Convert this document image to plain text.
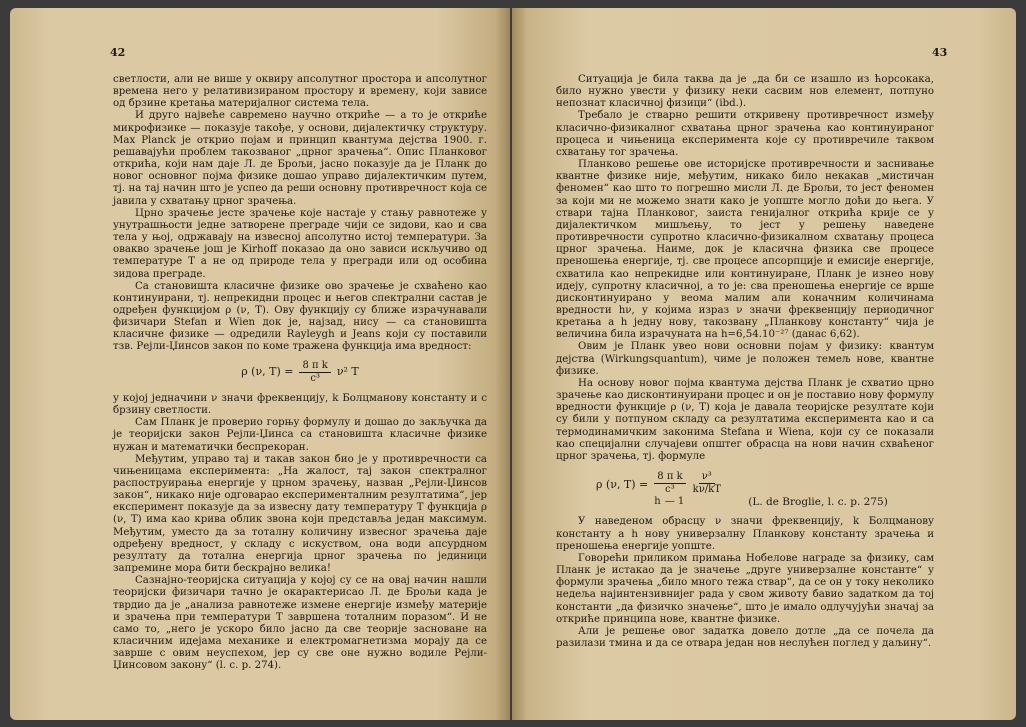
42

светлости, али не више у оквиру апсолутног простора и апсолутног времена него у релативизираном простору и времену, који зависе од брзине кретања материјалног система тела.

И друго највеће савремено научно откриће — а то је откриће микрофизике — показује такође, у основи, дијалектичку структуру. Max Planck је открио појам и принцип квантума дејства 1900. г. решавајући проблем такозваног „црног зрачења“. Опис Планковог открића, који нам даје Л. де Брољи, јасно показује да је Планк до новог основног појма физике дошао управо дијалектичким путем, тј. на тај начин што је успео да реши основну противречност која се јавила у схватању црног зрачења.

Црно зрачење јесте зрачење које настаје у стању равнотеже у унутрашњости једне затворене преграде чији се зидови, као и сва тела у њој, одржавају на извесној апсолутно истој температури. За овакво зрачење још је Kirhoff показао да оно зависи искључиво од температуре Т а не од природе тела у прегради или од особина зидова преграде.

Са становишта класичне физике ово зрачење је схваћено као континуирани, тј. непрекидни процес и његов спектрални састав је одређен функцијом ρ (ν, T). Ову функцију су ближе израчунавали физичари Stefan и Wien док је, најзад, нису — са становишта класичне физике — одредили Rayleygh и Jeans који су поставили тзв. Рејли-Џинсов закон по коме тражена функција има вредност:

ρ (ν, $T) = \frac{\text{8 π k}}{\text{c³}} \nu^2$ T

у којој једначини ν значи фреквенцију, k Болцманову константу и c брзину светлости.

Сам Планк је проверио горњу формулу и дошао до закључка да је теоријски закон Рејли-Џинса са становишта класичне физике нужан и математички беспрекоран.

Међутим, управо тај и такав закон био је у противречности са чињеницама експеримента: „На жалост, тај закон спектралног распоструирања енергије у црном зрачењу, назван „Рејли-Џинсов закон“, никако није одговарао експерименталним резултатима“, јер експеримент показује да за извесну дату температуру Т функција ρ (ν, T) има као крива облик звона који представља један максимум. Међутим, уместо да за тоталну количину извесног зрачења даје одређену вредност, у складу с искуством, она води апсурдном резултату да тотална енергија црног зрачења по јединици запремине мора бити бескрајно велика!

Сазнајно-теоријска ситуација у којој су се на овај начин нашли теоријски физичари тачно је окарактерисао Л. де Брољи када је тврдио да је „анализа равнотеже измене енергије између материје и зрачења при температури Т завршена тоталним поразом“. И не само то, „него је ускоро било јасно да све теорије засноване на класичним идејама механике и електромагнетизма морају да се заврше с овим неуспехом, јер су све оне нужно водиле Рејли-Џинсовом закону“ (l. c. p. 274).

43

Ситуација је била таква да је „да би се изашло из ћорсокака, било нужно увести у физику неки сасвим нов елемент, потпуно непознат класичној физици“ (ibd.).

Требало је стварно решити откривену противречност између класично-физикалног схватања црног зрачења као континуираног процеса и чињеница експеримента које су противречиле таквом схватању тог зрачења.

Планково решење ове историјске противречности и заснивање квантне физике није, међутим, никако било некакав „мистичан феномен“ као што то погрешно мисли Л. де Брољи, то јест феномен за који ми не можемо знати како је уопште могло доћи до њега. У ствари тајна Планковог, заиста генијалног открића крије се у дијалектичком мишљењу, то јест у решењу наведене противречности супротно класично-физикалном схватању процеса црног зрачења. Наиме, док је класична физика све процесе преношења енергије, тј. све процесе апсорпције и емисије енергије, схватила као непрекидне или континуиране, Планк је изнео нову идеју, супротну класичној, а то је: сва преношења енергије се врше дисконтинуирано у веома малим али коначним количинама вредности hν, у којима израз ν значи фреквенцију периодичног кретања а h једну нову, такозвану „Планкову константу“ чија је величина била израчуната на h=6,54.10⁻²⁷ (данас 6,62).

Овим је Планк увео нови основни појам у физику: квантум дејства (Wirkungsquantum), чиме је положен темељ нове, квантне физике.

На основу новог појма квантума дејства Планк је схватио црно зрачење као дисконтинуирани процес и он је поставио нову формулу вредности функције ρ (ν, T) која је давала теоријске резултате који су били у потпуном складу са резултатима експеримента као и са термодинамичким законима Stefana и Wiena, који су се показали као специјални случајеви општег обрасца на нови начин схваћеног црног зрачења, тј. формуле

ρ (ν, $T) = \frac{\text{8 π k}}{\text{c³}} \frac{\text{ν³}}{k\nu/kT}$
h — 1	(L. de Broglie, l. c. p. 275)

У наведеном обрасцу ν значи фреквенцију, k Болцманову константу а h нову универзалну Планкову константу зрачења и преношења енергије уопште.

Говорећи приликом примања Нобелове награде за физику, сам Планк је истакао да је значење „друге универзалне константе“ у формули зрачења „било много тежа ствар“, да се он у току неколико недеља најинтензивнијег рада у свом животу бавио задатком да тој константи „да физичко значење“, што је имало одлучујући значај за откриће принципа нове, квантне физике.

Али је решење овог задатка довело дотле „да се почела да разилази тмина и да се отвара један нов неслућен поглед у даљину“.
